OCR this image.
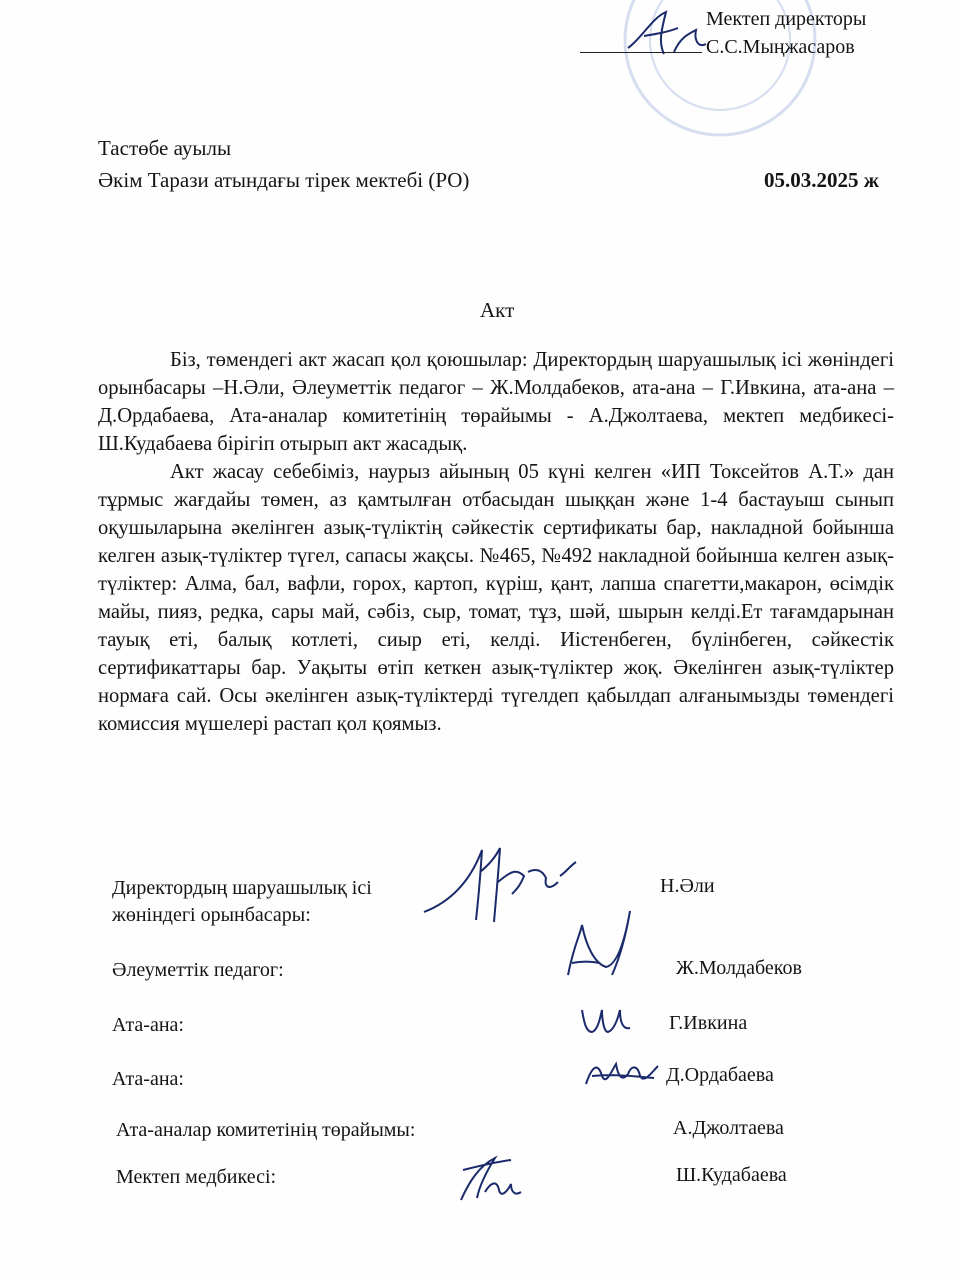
Мектеп директоры
С.С.Мыңжасаров
Тастөбе ауылы
Әкім Тарази атындағы тірек мектебі (РО)	05.03.2025 ж
Акт

Біз, төмендегі акт жасап қол қоюшылар: Директордың шаруашылық ісі жөніндегі орынбасары –Н.Әли, Әлеуметтік педагог – Ж.Молдабеков, ата-ана – Г.Ивкина, ата-ана – Д.Ордабаева, Ата-аналар комитетінің төрайымы - А.Джолтаева, мектеп медбикесі-Ш.Кудабаева бірігіп отырып акт жасадық.

Акт жасау себебіміз, наурыз айының 05 күні келген «ИП Токсейтов А.Т.» дан тұрмыс жағдайы төмен, аз қамтылған отбасыдан шыққан және 1-4 бастауыш сынып оқушыларына әкелінген азық-түліктің сәйкестік сертификаты бар, накладной бойынша келген азық-түліктер түгел, сапасы жақсы. №465, №492 накладной бойынша келген азық-түліктер: Алма, бал, вафли, горох, картоп, күріш, қант, лапша спагетти,макарон, өсімдік майы, пияз, редка, сары май, сәбіз, сыр, томат, тұз, шәй, шырын келді.Ет тағамдарынан тауық еті, балық котлеті, сиыр еті, келді. Иістенбеген, бүлінбеген, сәйкестік сертификаттары бар. Уақыты өтіп кеткен азық-түліктер жоқ. Әкелінген азық-түліктер нормаға сай. Осы әкелінген азық-түліктерді түгелдеп қабылдап алғанымызды төмендегі комиссия мүшелері растап қол қоямыз.

Директордың шаруашылық ісі
жөніндегі орынбасары:
Н.Әли
Әлеуметтік педагог:	Ж.Молдабеков
Ата-ана:	Г.Ивкина
Ата-ана:	Д.Ордабаева
Ата-аналар комитетінің төрайымы:	А.Джолтаева
Мектеп медбикесі:	Ш.Кудабаева
